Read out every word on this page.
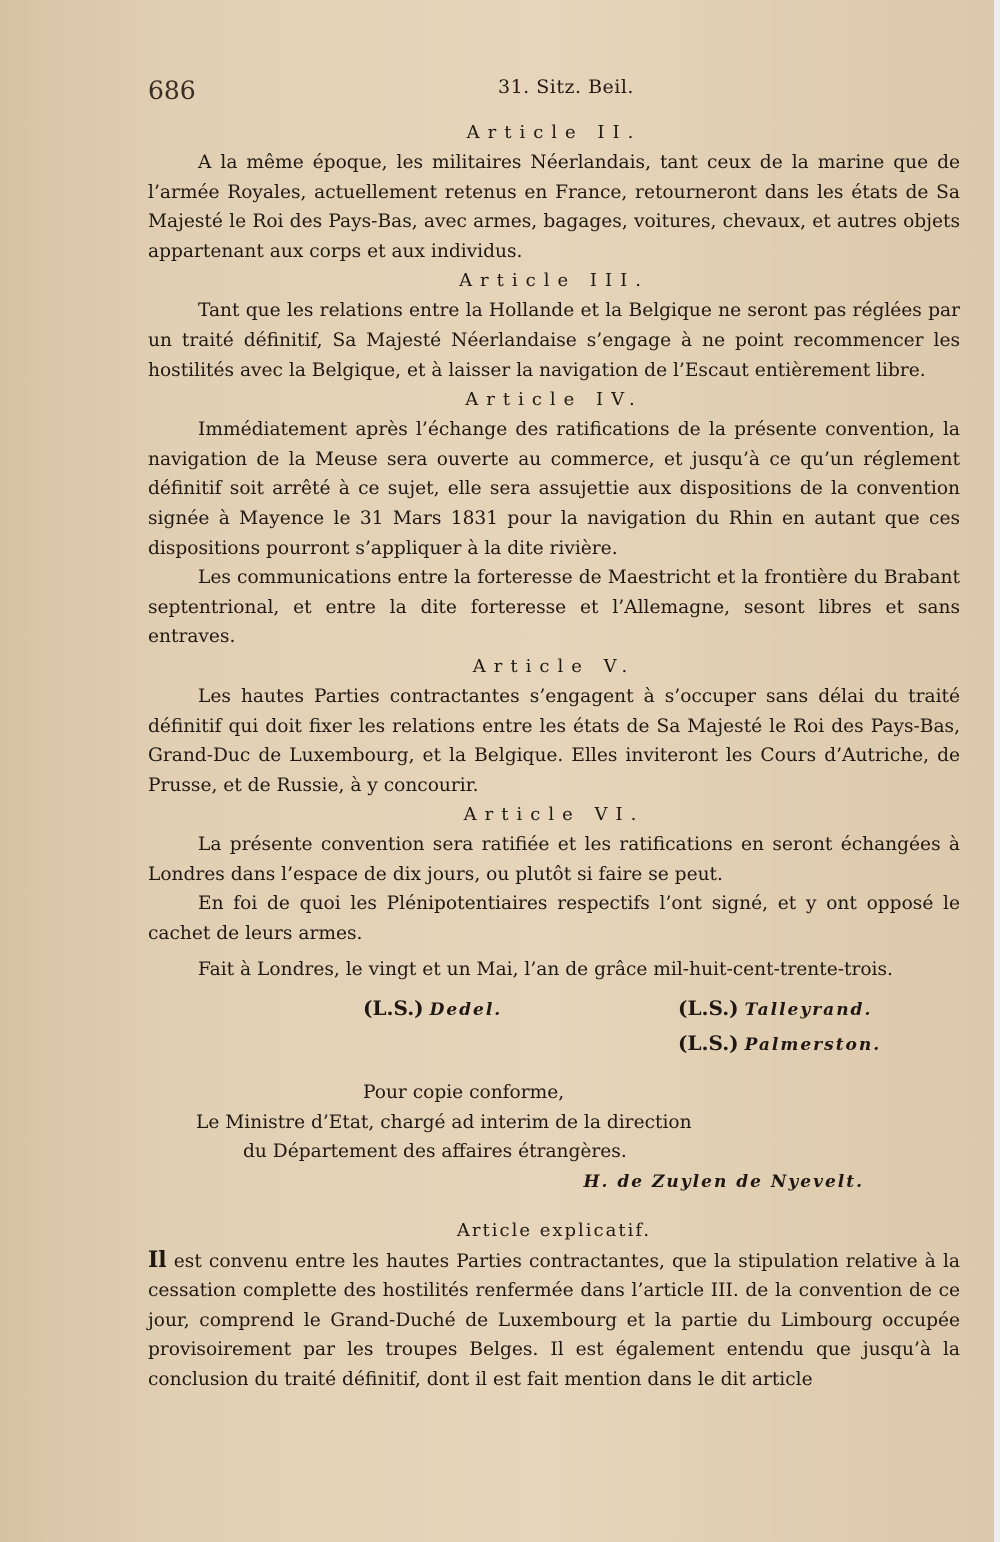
686	31. Sitz. Beil.
Article II.

A la même époque, les militaires Néerlandais, tant ceux de la marine que de l’armée Royales, actuellement retenus en France, retourneront dans les états de Sa Majesté le Roi des Pays-Bas, avec armes, bagages, voitures, chevaux, et autres objets appartenant aux corps et aux individus.

Article III.

Tant que les relations entre la Hollande et la Belgique ne seront pas réglées par un traité définitif, Sa Majesté Néerlandaise s’engage à ne point recommencer les hostilités avec la Belgique, et à laisser la navigation de l’Escaut entièrement libre.

Article IV.

Immédiatement après l’échange des ratifications de la présente convention, la navigation de la Meuse sera ouverte au commerce, et jusqu’à ce qu’un réglement définitif soit arrêté à ce sujet, elle sera assujettie aux dispositions de la convention signée à Mayence le 31 Mars 1831 pour la navigation du Rhin en autant que ces dispositions pourront s’appliquer à la dite rivière.

Les communications entre la forteresse de Maestricht et la frontière du Brabant septentrional, et entre la dite forteresse et l’Allemagne, sesont libres et sans entraves.

Article V.

Les hautes Parties contractantes s’engagent à s’occuper sans délai du traité définitif qui doit fixer les relations entre les états de Sa Majesté le Roi des Pays-Bas, Grand-Duc de Luxembourg, et la Belgique. Elles inviteront les Cours d’Autriche, de Prusse, et de Russie, à y concourir.

Article VI.

La présente convention sera ratifiée et les ratifications en seront échangées à Londres dans l’espace de dix jours, ou plutôt si faire se peut.

En foi de quoi les Plénipotentiaires respectifs l’ont signé, et y ont opposé le cachet de leurs armes.

Fait à Londres, le vingt et un Mai, l’an de grâce mil-huit-cent-trente-trois.

(L.S.) Dedel.	(L.S.) Talleyrand.
(L.S.) Palmerston.
Pour copie conforme,
Le Ministre d’Etat, chargé ad interim de la direction
du Département des affaires étrangères.
H. de Zuylen de Nyevelt.
Article explicatif.

Il est convenu entre les hautes Parties contractantes, que la stipulation relative à la cessation complette des hostilités renfermée dans l’article III. de la convention de ce jour, comprend le Grand-Duché de Luxembourg et la partie du Limbourg occupée provisoirement par les troupes Belges. Il est également entendu que jusqu’à la conclusion du traité définitif, dont il est fait mention dans le dit article
